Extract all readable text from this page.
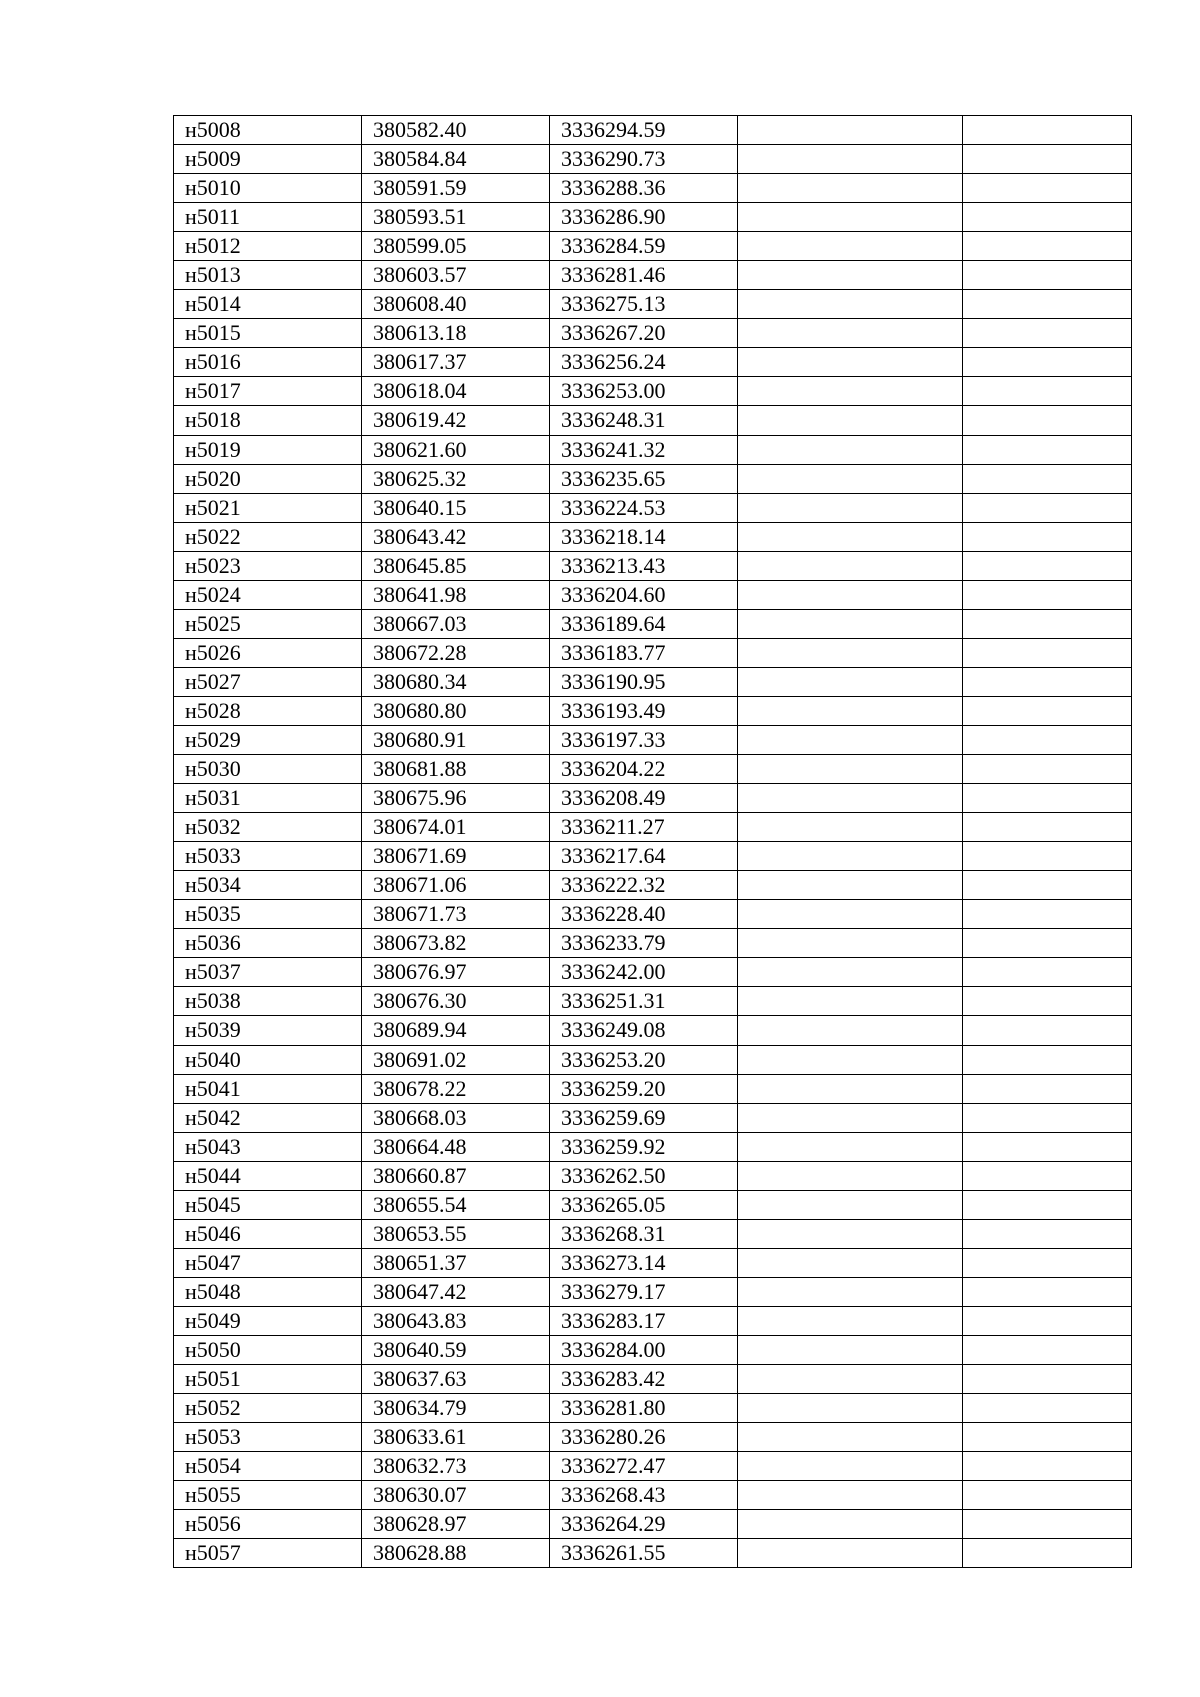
н5008	380582.40	3336294.59		
н5009	380584.84	3336290.73		
н5010	380591.59	3336288.36		
н5011	380593.51	3336286.90		
н5012	380599.05	3336284.59		
н5013	380603.57	3336281.46		
н5014	380608.40	3336275.13		
н5015	380613.18	3336267.20		
н5016	380617.37	3336256.24		
н5017	380618.04	3336253.00		
н5018	380619.42	3336248.31		
н5019	380621.60	3336241.32		
н5020	380625.32	3336235.65		
н5021	380640.15	3336224.53		
н5022	380643.42	3336218.14		
н5023	380645.85	3336213.43		
н5024	380641.98	3336204.60		
н5025	380667.03	3336189.64		
н5026	380672.28	3336183.77		
н5027	380680.34	3336190.95		
н5028	380680.80	3336193.49		
н5029	380680.91	3336197.33		
н5030	380681.88	3336204.22		
н5031	380675.96	3336208.49		
н5032	380674.01	3336211.27		
н5033	380671.69	3336217.64		
н5034	380671.06	3336222.32		
н5035	380671.73	3336228.40		
н5036	380673.82	3336233.79		
н5037	380676.97	3336242.00		
н5038	380676.30	3336251.31		
н5039	380689.94	3336249.08		
н5040	380691.02	3336253.20		
н5041	380678.22	3336259.20		
н5042	380668.03	3336259.69		
н5043	380664.48	3336259.92		
н5044	380660.87	3336262.50		
н5045	380655.54	3336265.05		
н5046	380653.55	3336268.31		
н5047	380651.37	3336273.14		
н5048	380647.42	3336279.17		
н5049	380643.83	3336283.17		
н5050	380640.59	3336284.00		
н5051	380637.63	3336283.42		
н5052	380634.79	3336281.80		
н5053	380633.61	3336280.26		
н5054	380632.73	3336272.47		
н5055	380630.07	3336268.43		
н5056	380628.97	3336264.29		
н5057	380628.88	3336261.55		
